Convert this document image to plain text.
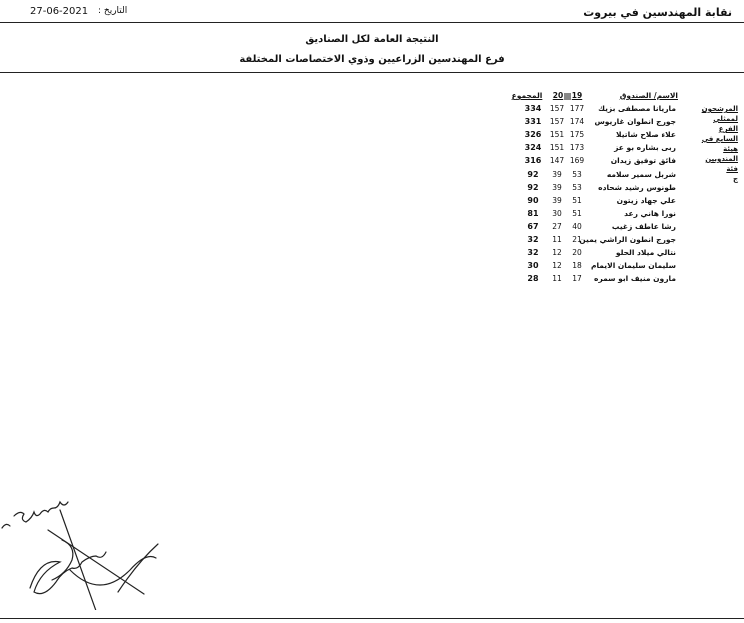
نقابة المهندسين في بيروت
التاريخ :
27-06-2021
النتيجة العامة لكل الصناديق
فرع المهندسين الزراعيين وذوي الاختصاصات المختلفة
المرشحون
لممثلي الفرع
السابع في هيئة
المندوبين فئة
ج
الاسم/ الصندوق
19
20
المجموع
ماريانا مصطفى بزيك
177
157
334
جورج انطوان غاريوس
174
157
331
علاء صلاح شاتيلا
175
151
326
ربى بشاره بو عز
173
151
324
فائق توفيق زيدان
169
147
316
شربل سمير سلامه
53
39
92
طونوس رشيد شحاده
53
39
92
علي جهاد زيتون
51
39
90
نورا هاني رعد
51
30
81
رشا عاطف زغيب
40
27
67
جورج انطون الراشي يمين
21
11
32
نتالي ميلاد الحلو
20
12
32
سليمان سليمان الايمام
18
12
30
مارون منيف ابو سمره
17
11
28
